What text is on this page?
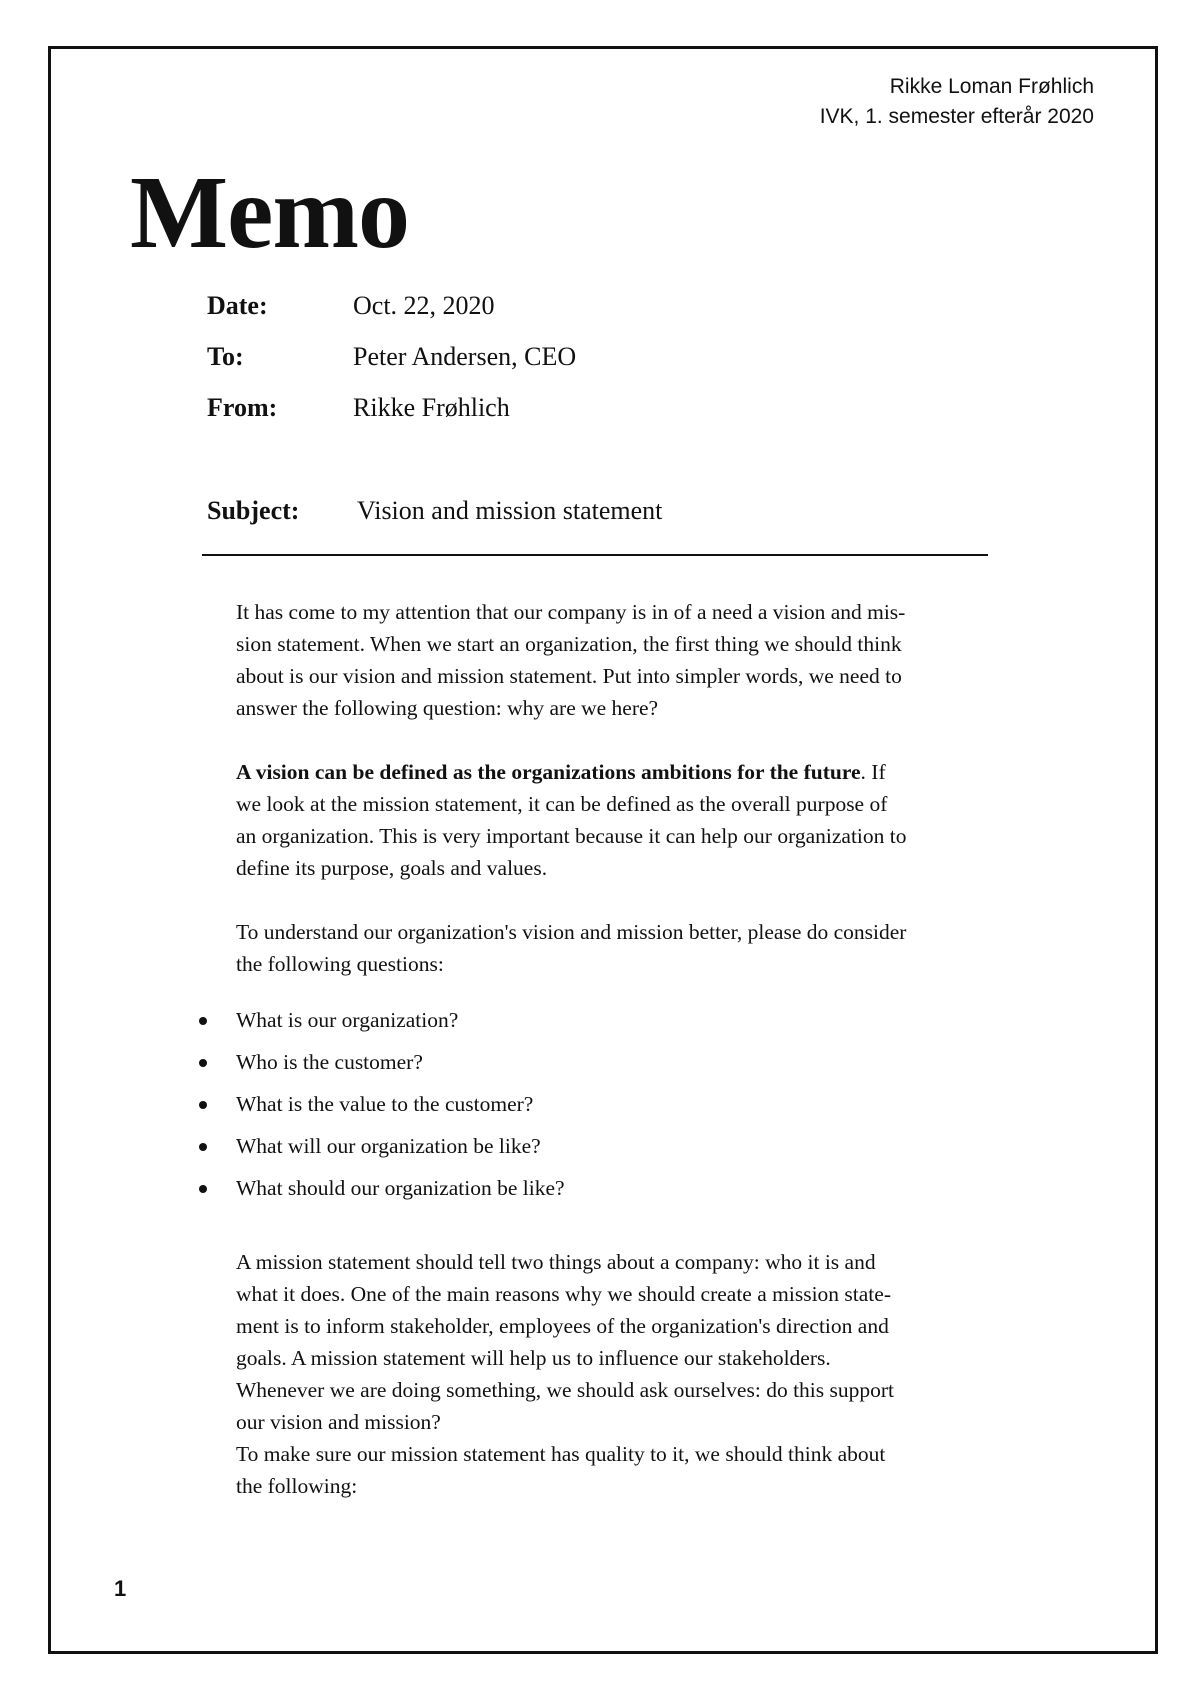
Rikke Loman Frøhlich
IVK, 1. semester efterår 2020
Memo
Date:	Oct. 22, 2020
To:	Peter Andersen, CEO
From:	Rikke Frøhlich
Subject: Vision and mission statement

It has come to my attention that our company is in of a need a vision and mis-
sion statement. When we start an organization, the first thing we should think
about is our vision and mission statement. Put into simpler words, we need to
answer the following question: why are we here?

A vision can be defined as the organizations ambitions for the future. If
we look at the mission statement, it can be defined as the overall purpose of
an organization. This is very important because it can help our organization to
define its purpose, goals and values.

To understand our organization's vision and mission better, please do consider
the following questions:

What is our organization?
Who is the customer?
What is the value to the customer?
What will our organization be like?
What should our organization be like?

A mission statement should tell two things about a company: who it is and
what it does. One of the main reasons why we should create a mission state-
ment is to inform stakeholder, employees of the organization's direction and
goals. A mission statement will help us to influence our stakeholders.
Whenever we are doing something, we should ask ourselves: do this support
our vision and mission?
To make sure our mission statement has quality to it, we should think about
the following:

1
